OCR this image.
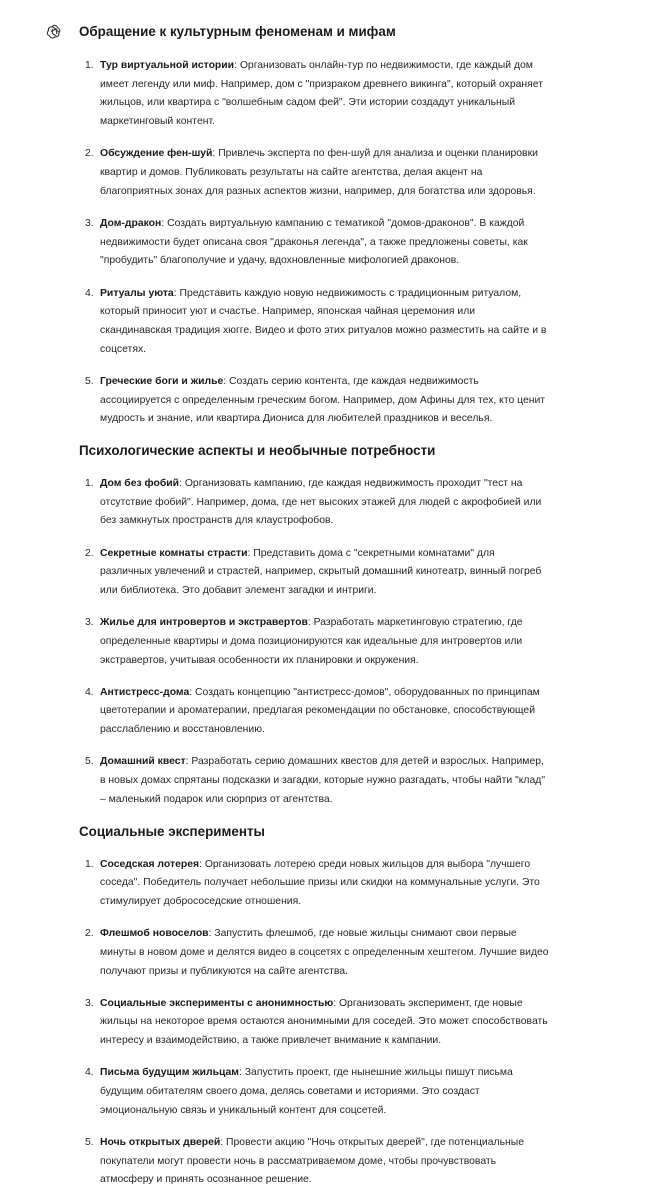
Обращение к культурным феноменам и мифам
1. Тур виртуальной истории: Организовать онлайн-тур по недвижимости, где каждый дом имеет легенду или миф. Например, дом с "призраком древнего викинга", который охраняет жильцов, или квартира с "волшебным садом фей". Эти истории создадут уникальный маркетинговый контент.
2. Обсуждение фен-шуй: Привлечь эксперта по фен-шуй для анализа и оценки планировки квартир и домов. Публиковать результаты на сайте агентства, делая акцент на благоприятных зонах для разных аспектов жизни, например, для богатства или здоровья.
3. Дом-дракон: Создать виртуальную кампанию с тематикой "домов-драконов". В каждой недвижимости будет описана своя "драконья легенда", а также предложены советы, как "пробудить" благополучие и удачу, вдохновленные мифологией драконов.
4. Ритуалы уюта: Представить каждую новую недвижимость с традиционным ритуалом, который приносит уют и счастье. Например, японская чайная церемония или скандинавская традиция хюгге. Видео и фото этих ритуалов можно разместить на сайте и в соцсетях.
5. Греческие боги и жилье: Создать серию контента, где каждая недвижимость ассоциируется с определенным греческим богом. Например, дом Афины для тех, кто ценит мудрость и знание, или квартира Диониса для любителей праздников и веселья.
Психологические аспекты и необычные потребности
1. Дом без фобий: Организовать кампанию, где каждая недвижимость проходит "тест на отсутствие фобий". Например, дома, где нет высоких этажей для людей с акрофобией или без замкнутых пространств для клаустрофобов.
2. Секретные комнаты страсти: Представить дома с "секретными комнатами" для различных увлечений и страстей, например, скрытый домашний кинотеатр, винный погреб или библиотека. Это добавит элемент загадки и интриги.
3. Жилье для интровертов и экстравертов: Разработать маркетинговую стратегию, где определенные квартиры и дома позиционируются как идеальные для интровертов или экстравертов, учитывая особенности их планировки и окружения.
4. Антистресс-дома: Создать концепцию "антистресс-домов", оборудованных по принципам цветотерапии и ароматерапии, предлагая рекомендации по обстановке, способствующей расслаблению и восстановлению.
5. Домашний квест: Разработать серию домашних квестов для детей и взрослых. Например, в новых домах спрятаны подсказки и загадки, которые нужно разгадать, чтобы найти "клад" – маленький подарок или сюрприз от агентства.
Социальные эксперименты
1. Соседская лотерея: Организовать лотерею среди новых жильцов для выбора "лучшего соседа". Победитель получает небольшие призы или скидки на коммунальные услуги. Это стимулирует добрососедские отношения.
2. Флешмоб новоселов: Запустить флешмоб, где новые жильцы снимают свои первые минуты в новом доме и делятся видео в соцсетях с определенным хештегом. Лучшие видео получают призы и публикуются на сайте агентства.
3. Социальные эксперименты с анонимностью: Организовать эксперимент, где новые жильцы на некоторое время остаются анонимными для соседей. Это может способствовать интересу и взаимодействию, а также привлечет внимание к кампании.
4. Письма будущим жильцам: Запустить проект, где нынешние жильцы пишут письма будущим обитателям своего дома, делясь советами и историями. Это создаст эмоциональную связь и уникальный контент для соцсетей.
5. Ночь открытых дверей: Провести акцию "Ночь открытых дверей", где потенциальные покупатели могут провести ночь в рассматриваемом доме, чтобы прочувствовать атмосферу и принять осознанное решение.
